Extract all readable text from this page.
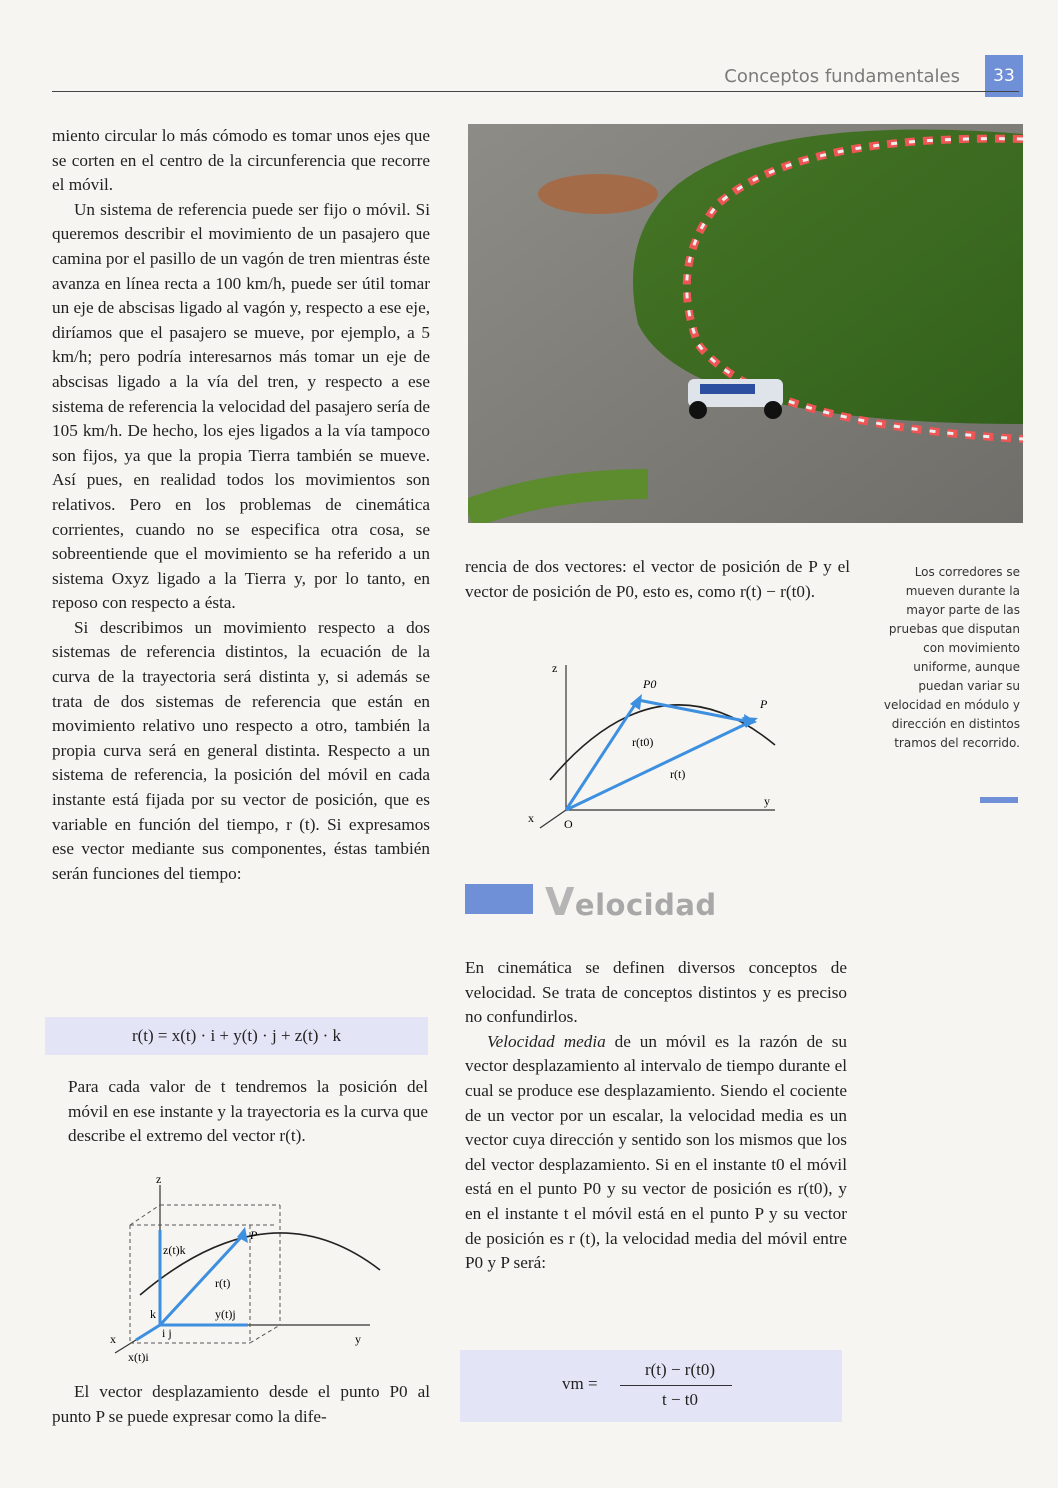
Conceptos fundamentales	33

miento circular lo más cómodo es tomar unos ejes que se corten en el centro de la circunferencia que recorre el móvil.

Un sistema de referencia puede ser fijo o móvil. Si queremos describir el movimiento de un pasajero que camina por el pasillo de un vagón de tren mientras éste avanza en línea recta a 100 km/h, puede ser útil tomar un eje de abscisas ligado al vagón y, respecto a ese eje, diríamos que el pasajero se mueve, por ejemplo, a 5 km/h; pero podría interesarnos más tomar un eje de abscisas ligado a la vía del tren, y respecto a ese sistema de referencia la velocidad del pasajero sería de 105 km/h. De hecho, los ejes ligados a la vía tampoco son fijos, ya que la propia Tierra también se mueve. Así pues, en realidad todos los movimientos son relativos. Pero en los problemas de cinemática corrientes, cuando no se especifica otra cosa, se sobreentiende que el movimiento se ha referido a un sistema Oxyz ligado a la Tierra y, por lo tanto, en reposo con respecto a ésta.

Si describimos un movimiento respecto a dos sistemas de referencia distintos, la ecuación de la curva de la trayectoria será distinta y, si además se trata de dos sistemas de referencia que están en movimiento relativo uno respecto a otro, también la propia curva será en general distinta. Respecto a un sistema de referencia, la posición del móvil en cada instante está fijada por su vector de posición, que es variable en función del tiempo, r (t). Si expresamos ese vector mediante sus componentes, éstas también serán funciones del tiempo:

r(t) = x(t) · i + y(t) · j + z(t) · k

Para cada valor de t tendremos la posición del móvil en ese instante y la trayectoria es la curva que describe el extremo del vector r(t).

z(t)k
z
P
r(t)
k	y(t)j
i j
x
x(t)i
y

El vector desplazamiento desde el punto P0 al punto P se puede expresar como la dife-

rencia de dos vectores: el vector de posición de P y el vector de posición de P0, esto es, como r(t) − r(t0).

Los corredores se mueven durante la mayor parte de las pruebas que disputan con movimiento uniforme, aunque puedan variar su velocidad en módulo y dirección en distintos tramos del recorrido.
z
P0
P
r(t0)
r(t)
y
x	O
Velocidad

En cinemática se definen diversos conceptos de velocidad. Se trata de conceptos distintos y es preciso no confundirlos.

Velocidad media de un móvil es la razón de su vector desplazamiento al intervalo de tiempo durante el cual se produce ese desplazamiento. Siendo el cociente de un vector por un escalar, la velocidad media es un vector cuya dirección y sentido son los mismos que los del vector desplazamiento. Si en el instante t0 el móvil está en el punto P0 y su vector de posición es r(t0), y en el instante t el móvil está en el punto P y su vector de posición es r (t), la velocidad media del móvil entre P0 y P será:

vm =
r(t) − r(t0)
t − t0
